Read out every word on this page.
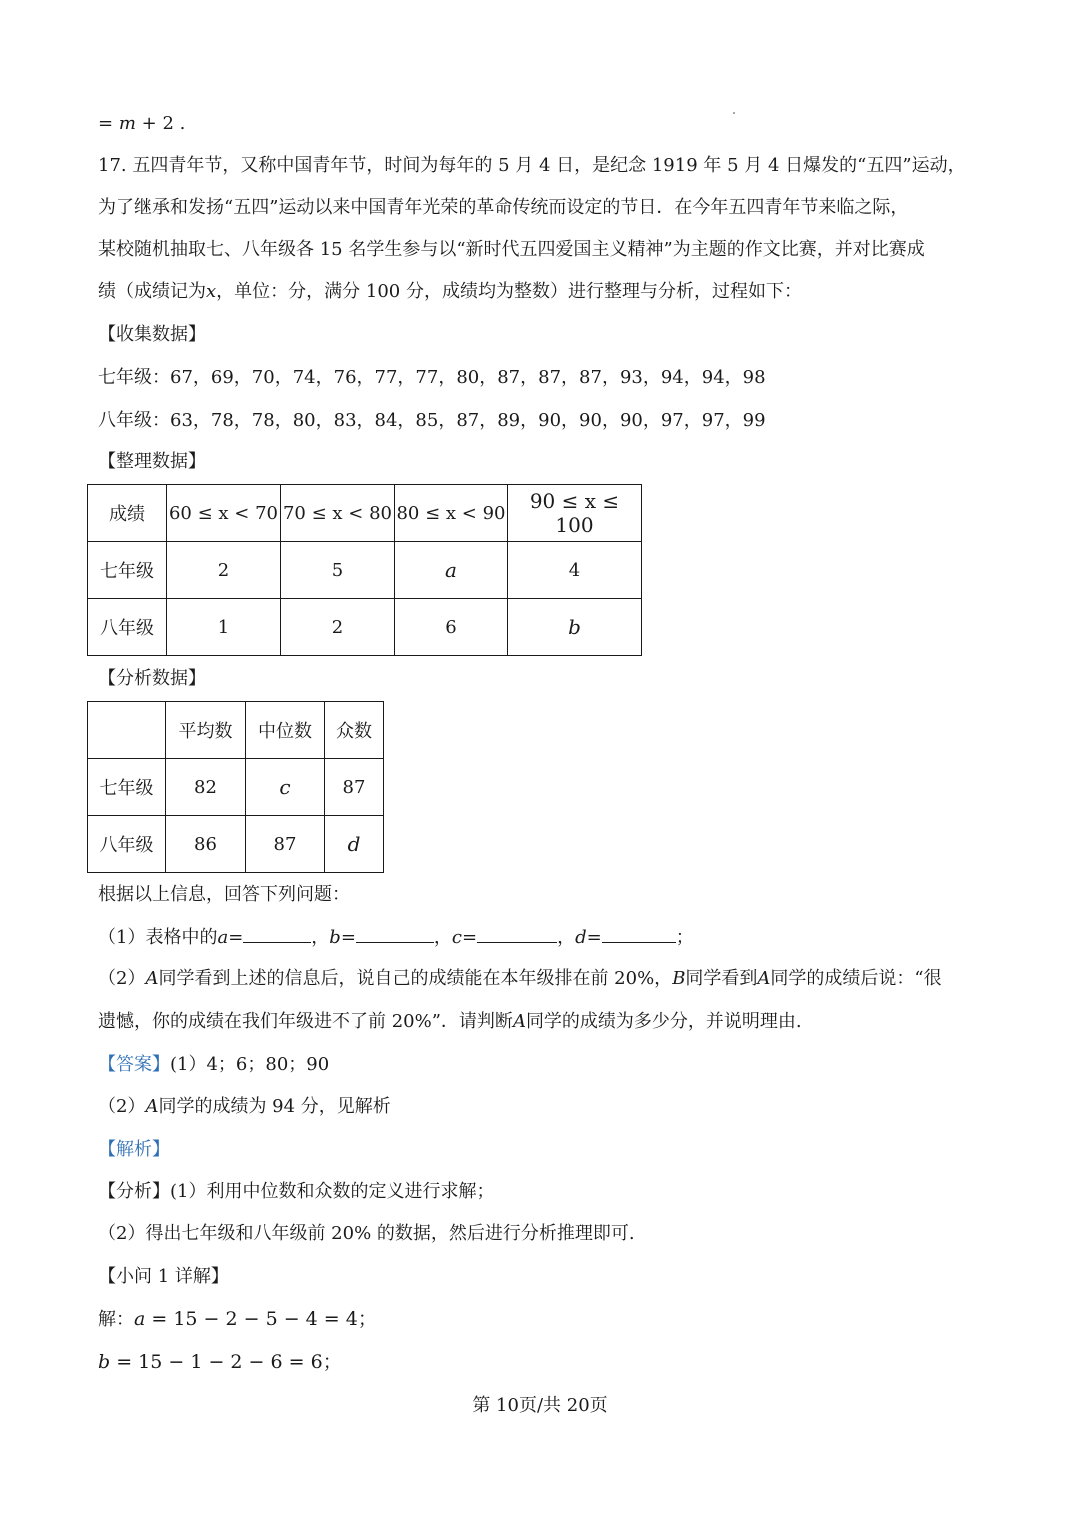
= m + 2 .
17. 五四青年节，又称中国青年节，时间为每年的 5 月 4 日，是纪念 1919 年 5 月 4 日爆发的“五四”运动，
为了继承和发扬“五四”运动以来中国青年光荣的革命传统而设定的节日．在今年五四青年节来临之际，
某校随机抽取七、八年级各 15 名学生参与以“新时代五四爱国主义精神”为主题的作文比赛，并对比赛成
绩（成绩记为x，单位：分，满分 100 分，成绩均为整数）进行整理与分析，过程如下：
【收集数据】
七年级：67，69，70，74，76，77，77，80，87，87，87，93，94，94，98
八年级：63，78，78，80，83，84，85，87，89，90，90，90，97，97，99
【整理数据】
成绩	60 ≤ x < 70	70 ≤ x < 80	80 ≤ x < 90	90 ≤ x ≤ 100
七年级	2	5	a	4
八年级	1	2	6	b
【分析数据】
	平均数	中位数	众数
七年级	82	c	87
八年级	86	87	d
根据以上信息，回答下列问题：
（1）表格中的a=	，b=	，c=	，d=	；
（2）A同学看到上述的信息后，说自己的成绩能在本年级排在前 20%，B同学看到A同学的成绩后说：“很
遗憾，你的成绩在我们年级进不了前 20%”．请判断A同学的成绩为多少分，并说明理由.
【答案】(1）4；6；80；90
（2）A同学的成绩为 94 分，见解析
【解析】
【分析】(1）利用中位数和众数的定义进行求解；
（2）得出七年级和八年级前 20% 的数据，然后进行分析推理即可.
【小问 1 详解】
解：a = 15 − 2 − 5 − 4 = 4；
b = 15 − 1 − 2 − 6 = 6；
第 10页/共 20页
